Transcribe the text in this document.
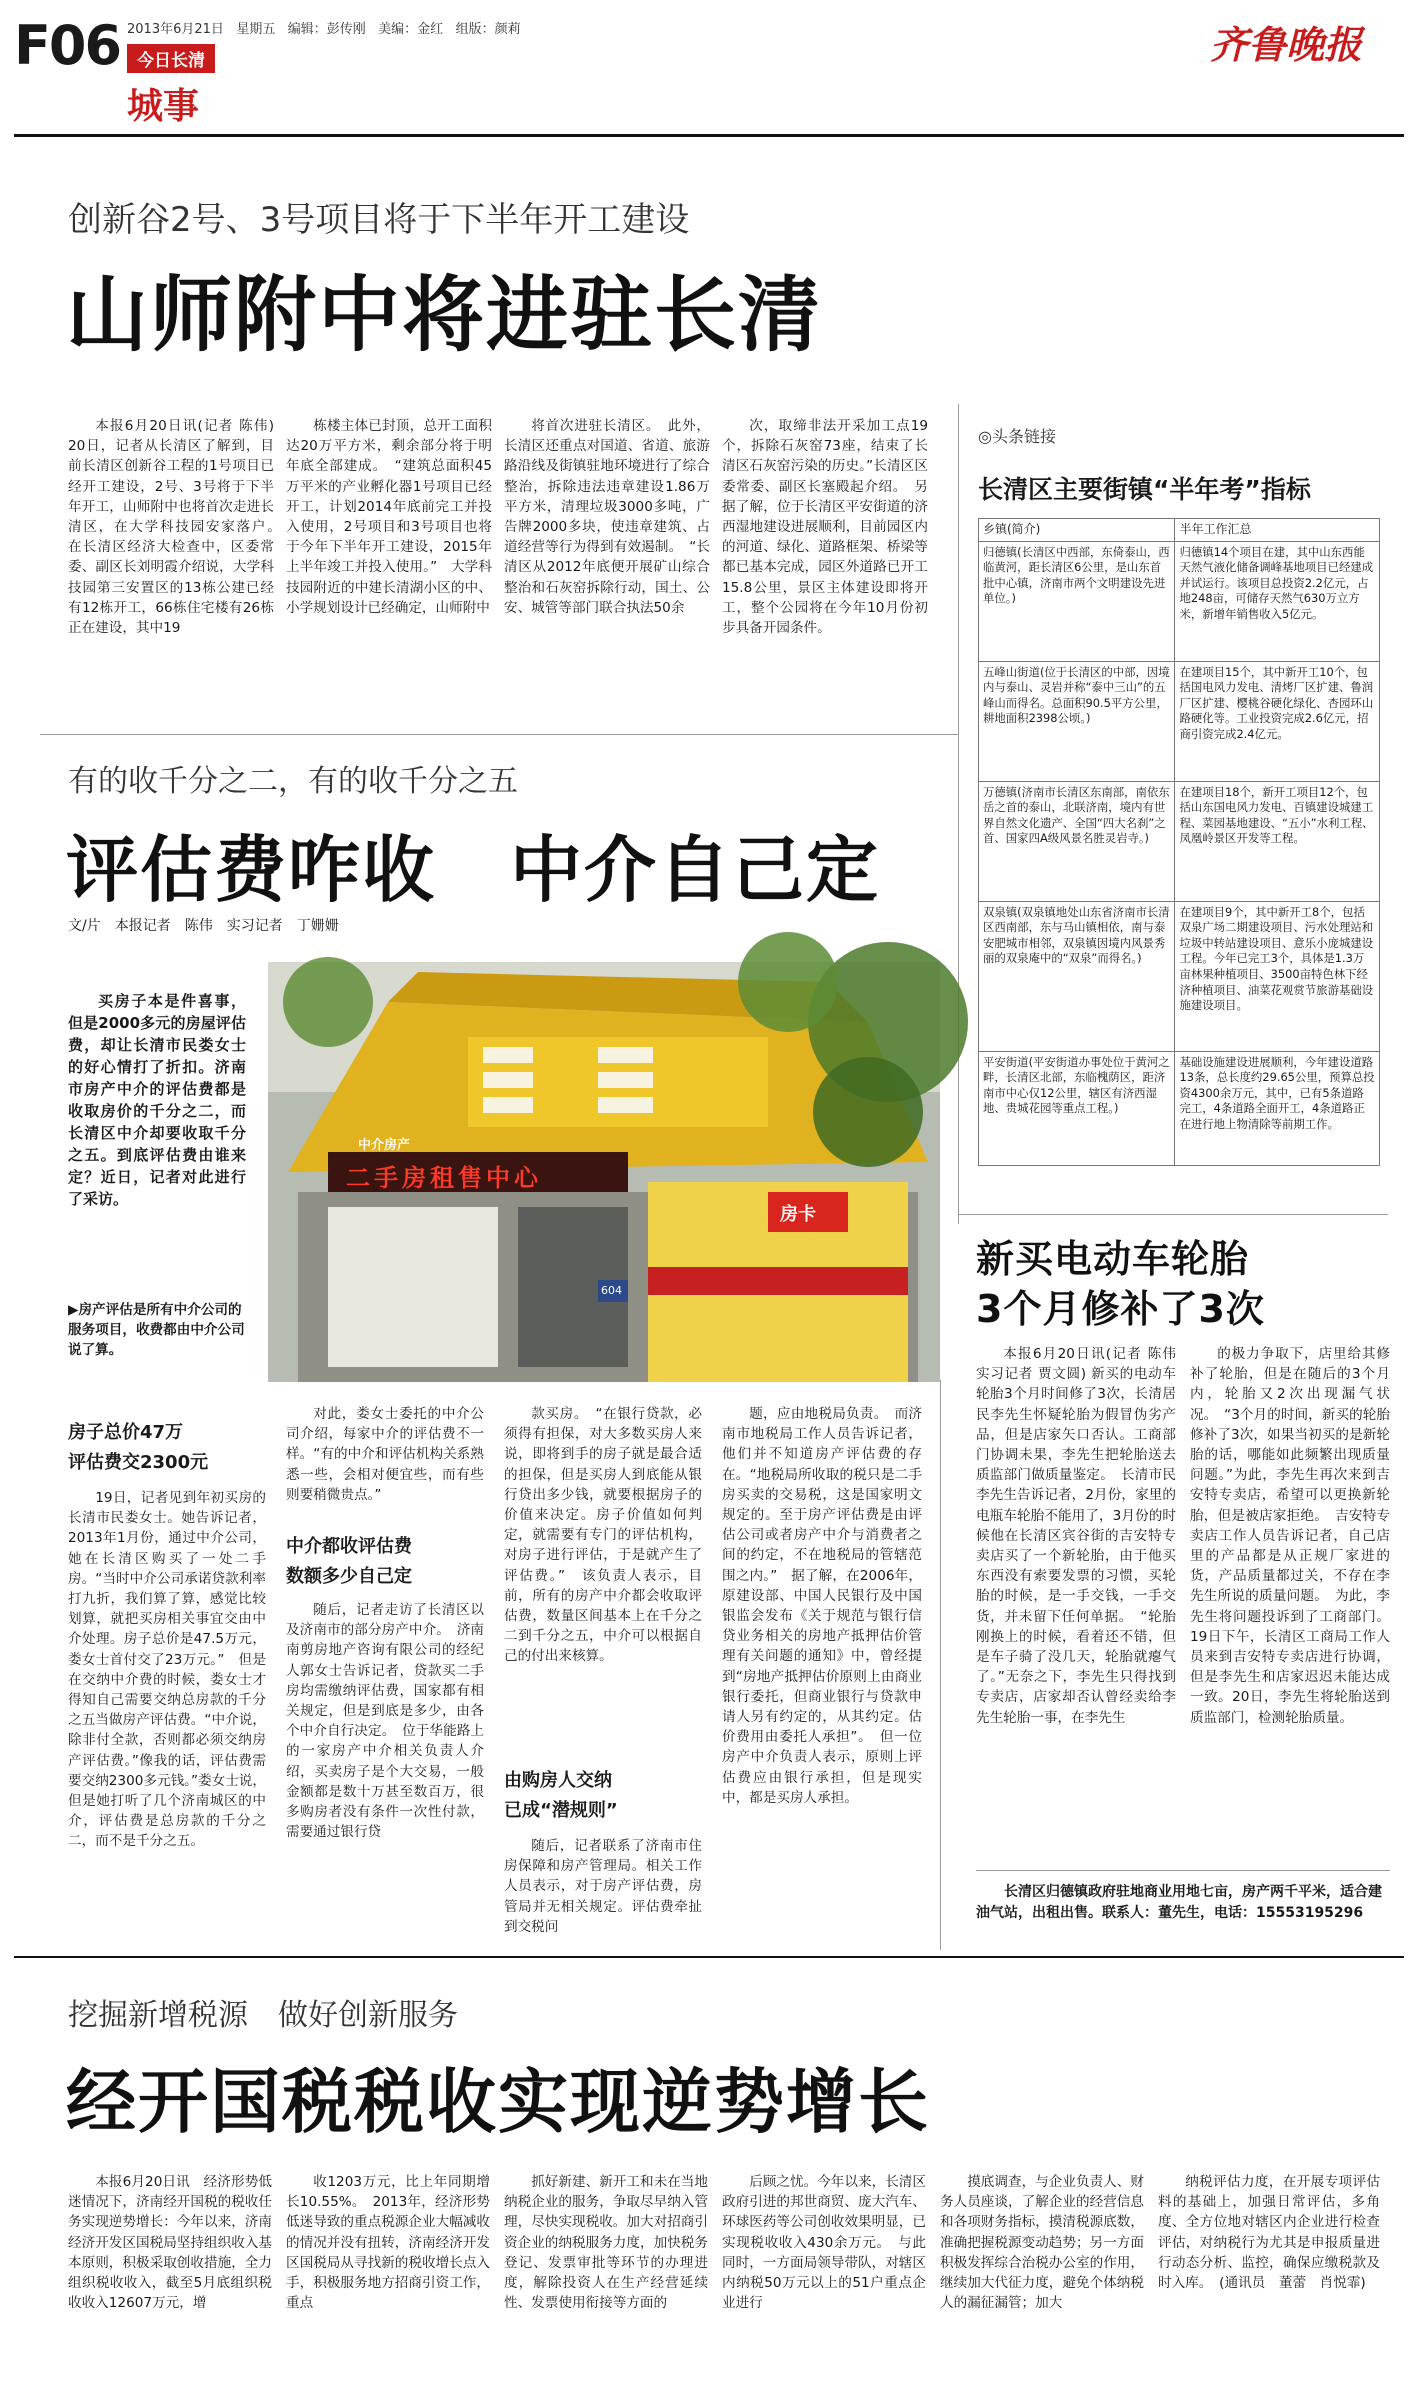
F06 2013年6月21日 星期五 编辑：彭传刚 美编：金红 组版：颜莉
今日长清
城事
齐鲁晚报
创新谷2号、3号项目将于下半年开工建设
山师附中将进驻长清
本报6月20日讯(记者 陈伟) 20日，记者从长清区了解到，目前长清区创新谷工程的1号项目已经开工建设，2号、3号将于下半年开工，山师附中也将首次走进长清区，在大学科技园安家落户。　在长清区经济大检查中，区委常委、副区长刘明霞介绍说，大学科技园第三安置区的13栋公建已经有12栋开工，66栋住宅楼有26栋正在建设，其中19
栋楼主体已封顶，总开工面积达20万平方米，剩余部分将于明年底全部建成。　“建筑总面积45万平米的产业孵化器1号项目已经开工，计划2014年底前完工并投入使用，2号项目和3号项目也将于今年下半年开工建设，2015年上半年竣工并投入使用。”　大学科技园附近的中建长清湖小区的中、小学规划设计已经确定，山师附中
将首次进驻长清区。　此外，长清区还重点对国道、省道、旅游路沿线及街镇驻地环境进行了综合整治，拆除违法违章建设1.86万平方米，清理垃圾3000多吨，广告牌2000多块，使违章建筑、占道经营等行为得到有效遏制。　“长清区从2012年底便开展矿山综合整治和石灰窑拆除行动，国土、公安、城管等部门联合执法50余
次，取缔非法开采加工点19个，拆除石灰窑73座，结束了长清区石灰窑污染的历史。”长清区区委常委、副区长塞殿起介绍。　另据了解，位于长清区平安街道的济西湿地建设进展顺利，目前园区内的河道、绿化、道路框架、桥梁等都已基本完成，园区外道路已开工15.8公里，景区主体建设即将开工，整个公园将在今年10月份初步具备开园条件。
◎头条链接
长清区主要街镇“半年考”指标
乡镇(简介)	半年工作汇总
归德镇(长清区中西部，东倚泰山，西临黄河，距长清区6公里，是山东首批中心镇，济南市两个文明建设先进单位。)	归德镇14个项目在建，其中山东西能天然气液化储备调峰基地项目已经建成并试运行。该项目总投资2.2亿元，占地248亩，可储存天然气630万立方米，新增年销售收入5亿元。
五峰山街道(位于长清区的中部，因境内与泰山、灵岩并称“泰中三山”的五峰山而得名。总面积90.5平方公里，耕地面积2398公顷。)	在建项目15个，其中新开工10个，包括国电风力发电、清烤厂区扩建、鲁润厂区扩建、樱桃谷硬化绿化、杏园环山路硬化等。工业投资完成2.6亿元，招商引资完成2.4亿元。
万德镇(济南市长清区东南部，南依东岳之首的泰山，北联济南，境内有世界自然文化遗产、全国“四大名刹”之首、国家四A级风景名胜灵岩寺。)	在建项目18个，新开工项目12个，包括山东国电风力发电、百镇建设城建工程、菜园基地建设、“五小”水利工程、凤凰岭景区开发等工程。
双泉镇(双泉镇地处山东省济南市长清区西南部，东与马山镇相依，南与泰安肥城市相邻，双泉镇因境内风景秀丽的双泉庵中的“双泉”而得名。)	在建项目9个，其中新开工8个，包括双泉广场二期建设项目、污水处理站和垃圾中转站建设项目、意乐小庞城建设工程。今年已完工3个，具体是1.3万亩林果种植项目、3500亩特色林下经济种植项目、油菜花观赏节旅游基础设施建设项目。
平安街道(平安街道办事处位于黄河之畔，长清区北部，东临槐荫区，距济南市中心仅12公里，辖区有济西湿地、贵城花园等重点工程。)	基础设施建设进展顺利，今年建设道路13条，总长度约29.65公里，预算总投资4300余万元，其中，已有5条道路完工，4条道路全面开工，4条道路正在进行地上物清除等前期工作。
有的收千分之二，有的收千分之五
评估费咋收　中介自己定
文/片　本报记者　陈伟　实习记者　丁姗姗
买房子本是件喜事，但是2000多元的房屋评估费，却让长清市民娄女士的好心情打了折扣。济南市房产中介的评估费都是收取房价的千分之二，而长清区中介却要收取千分之五。到底评估费由谁来定？近日，记者对此进行了采访。
▶房产评估是所有中介公司的服务项目，收费都由中介公司说了算。
二手房租售中心
房卡
604
中介房产
房子总价47万
评估费交2300元
19日，记者见到年初买房的长清市民娄女士。她告诉记者，2013年1月份，通过中介公司，她在长清区购买了一处二手房。“当时中介公司承诺贷款利率打九折，我们算了算，感觉比较划算，就把买房相关事宜交由中介处理。房子总价是47.5万元，娄女士首付交了23万元。”　但是在交纳中介费的时候，娄女士才得知自己需要交纳总房款的千分之五当做房产评估费。“中介说，除非付全款，否则都必须交纳房产评估费。”像我的话，评估费需要交纳2300多元钱。”娄女士说，但是她打听了几个济南城区的中介，评估费是总房款的千分之二，而不是千分之五。
对此，娄女士委托的中介公司介绍，每家中介的评估费不一样。“有的中介和评估机构关系熟悉一些，会相对便宜些，而有些则要稍微贵点。”
中介都收评估费
数额多少自己定
随后，记者走访了长清区以及济南市的部分房产中介。　济南南剪房地产咨询有限公司的经纪人郭女士告诉记者，贷款买二手房均需缴纳评估费，国家都有相关规定，但是到底是多少，由各个中介自行决定。　位于华能路上的一家房产中介相关负责人介绍，买卖房子是个大交易，一般金额都是数十万甚至数百万，很多购房者没有条件一次性付款，需要通过银行贷
款买房。　“在银行贷款，必须得有担保，对大多数买房人来说，即将到手的房子就是最合适的担保，但是买房人到底能从银行贷出多少钱，就要根据房子的价值来决定。房子价值如何判定，就需要有专门的评估机构，对房子进行评估，于是就产生了评估费。”　该负责人表示，目前，所有的房产中介都会收取评估费，数量区间基本上在千分之二到千分之五，中介可以根据自己的付出来核算。
由购房人交纳
已成“潜规则”
随后，记者联系了济南市住房保障和房产管理局。相关工作人员表示，对于房产评估费，房管局并无相关规定。评估费牵扯到交税问
题，应由地税局负责。　而济南市地税局工作人员告诉记者，他们并不知道房产评估费的存在。“地税局所收取的税只是二手房买卖的交易税，这是国家明文规定的。至于房产评估费是由评估公司或者房产中介与消费者之间的约定，不在地税局的管辖范围之内。”　据了解，在2006年，原建设部、中国人民银行及中国银监会发布《关于规范与银行信贷业务相关的房地产抵押估价管理有关问题的通知》中，曾经提到“房地产抵押估价原则上由商业银行委托，但商业银行与贷款申请人另有约定的，从其约定。估价费用由委托人承担”。　但一位房产中介负责人表示，原则上评估费应由银行承担，但是现实中，都是买房人承担。
新买电动车轮胎
3个月修补了3次
本报6月20日讯(记者 陈伟 实习记者 贾文圆) 新买的电动车轮胎3个月时间修了3次，长清居民李先生怀疑轮胎为假冒伪劣产品，但是店家矢口否认。工商部门协调未果，李先生把轮胎送去质监部门做质量鉴定。　长清市民李先生告诉记者，2月份，家里的电瓶车轮胎不能用了，3月份的时候他在长清区宾谷街的吉安特专卖店买了一个新轮胎，由于他买东西没有索要发票的习惯，买轮胎的时候，是一手交钱，一手交货，并未留下任何单据。　“轮胎刚换上的时候，看着还不错，但是车子骑了没几天，轮胎就瘪气了。”无奈之下，李先生只得找到专卖店，店家却否认曾经卖给李先生轮胎一事，在李先生
的极力争取下，店里给其修补了轮胎，但是在随后的3个月内，轮胎又2次出现漏气状况。　“3个月的时间，新买的轮胎修补了3次，如果当初买的是新轮胎的话，哪能如此频繁出现质量问题。”为此，李先生再次来到吉安特专卖店，希望可以更换新轮胎，但是被店家拒绝。　吉安特专卖店工作人员告诉记者，自己店里的产品都是从正规厂家进的货，产品质量都过关，不存在李先生所说的质量问题。　为此，李先生将问题投诉到了工商部门。19日下午，长清区工商局工作人员来到吉安特专卖店进行协调，但是李先生和店家迟迟未能达成一致。20日，李先生将轮胎送到质监部门，检测轮胎质量。
长清区归德镇政府驻地商业用地七亩，房产两千平米，适合建油气站，出租出售。联系人：董先生，电话：15553195296
挖掘新增税源　做好创新服务
经开国税税收实现逆势增长
本报6月20日讯　经济形势低迷情况下，济南经开国税的税收任务实现逆势增长：今年以来，济南经济开发区国税局坚持组织收入基本原则，积极采取创收措施，全力组织税收收入，截至5月底组织税收收入12607万元，增
收1203万元，比上年同期增长10.55%。　2013年，经济形势低迷导致的重点税源企业大幅减收的情况并没有扭转，济南经济开发区国税局从寻找新的税收增长点入手，积极服务地方招商引资工作，重点
抓好新建、新开工和未在当地纳税企业的服务，争取尽早纳入管理，尽快实现税收。加大对招商引资企业的纳税服务力度，加快税务登记、发票审批等环节的办理进度，解除投资人在生产经营延续性、发票使用衔接等方面的
后顾之忧。今年以来，长清区政府引进的邦世商贸、庞大汽车、环球医药等公司创收效果明显，已实现税收收入430余万元。　与此同时，一方面局领导带队，对辖区内纳税50万元以上的51户重点企业进行
摸底调查，与企业负责人、财务人员座谈，了解企业的经营信息和各项财务指标，摸清税源底数，准确把握税源变动趋势；另一方面积极发挥综合治税办公室的作用，继续加大代征力度，避免个体纳税人的漏征漏管；加大
纳税评估力度，在开展专项评估料的基础上，加强日常评估，多角度、全方位地对辖区内企业进行检查评估，对纳税行为尤其是申报质量进行动态分析、监控，确保应缴税款及时入库。　(通讯员　董蕾　肖悦霏)
